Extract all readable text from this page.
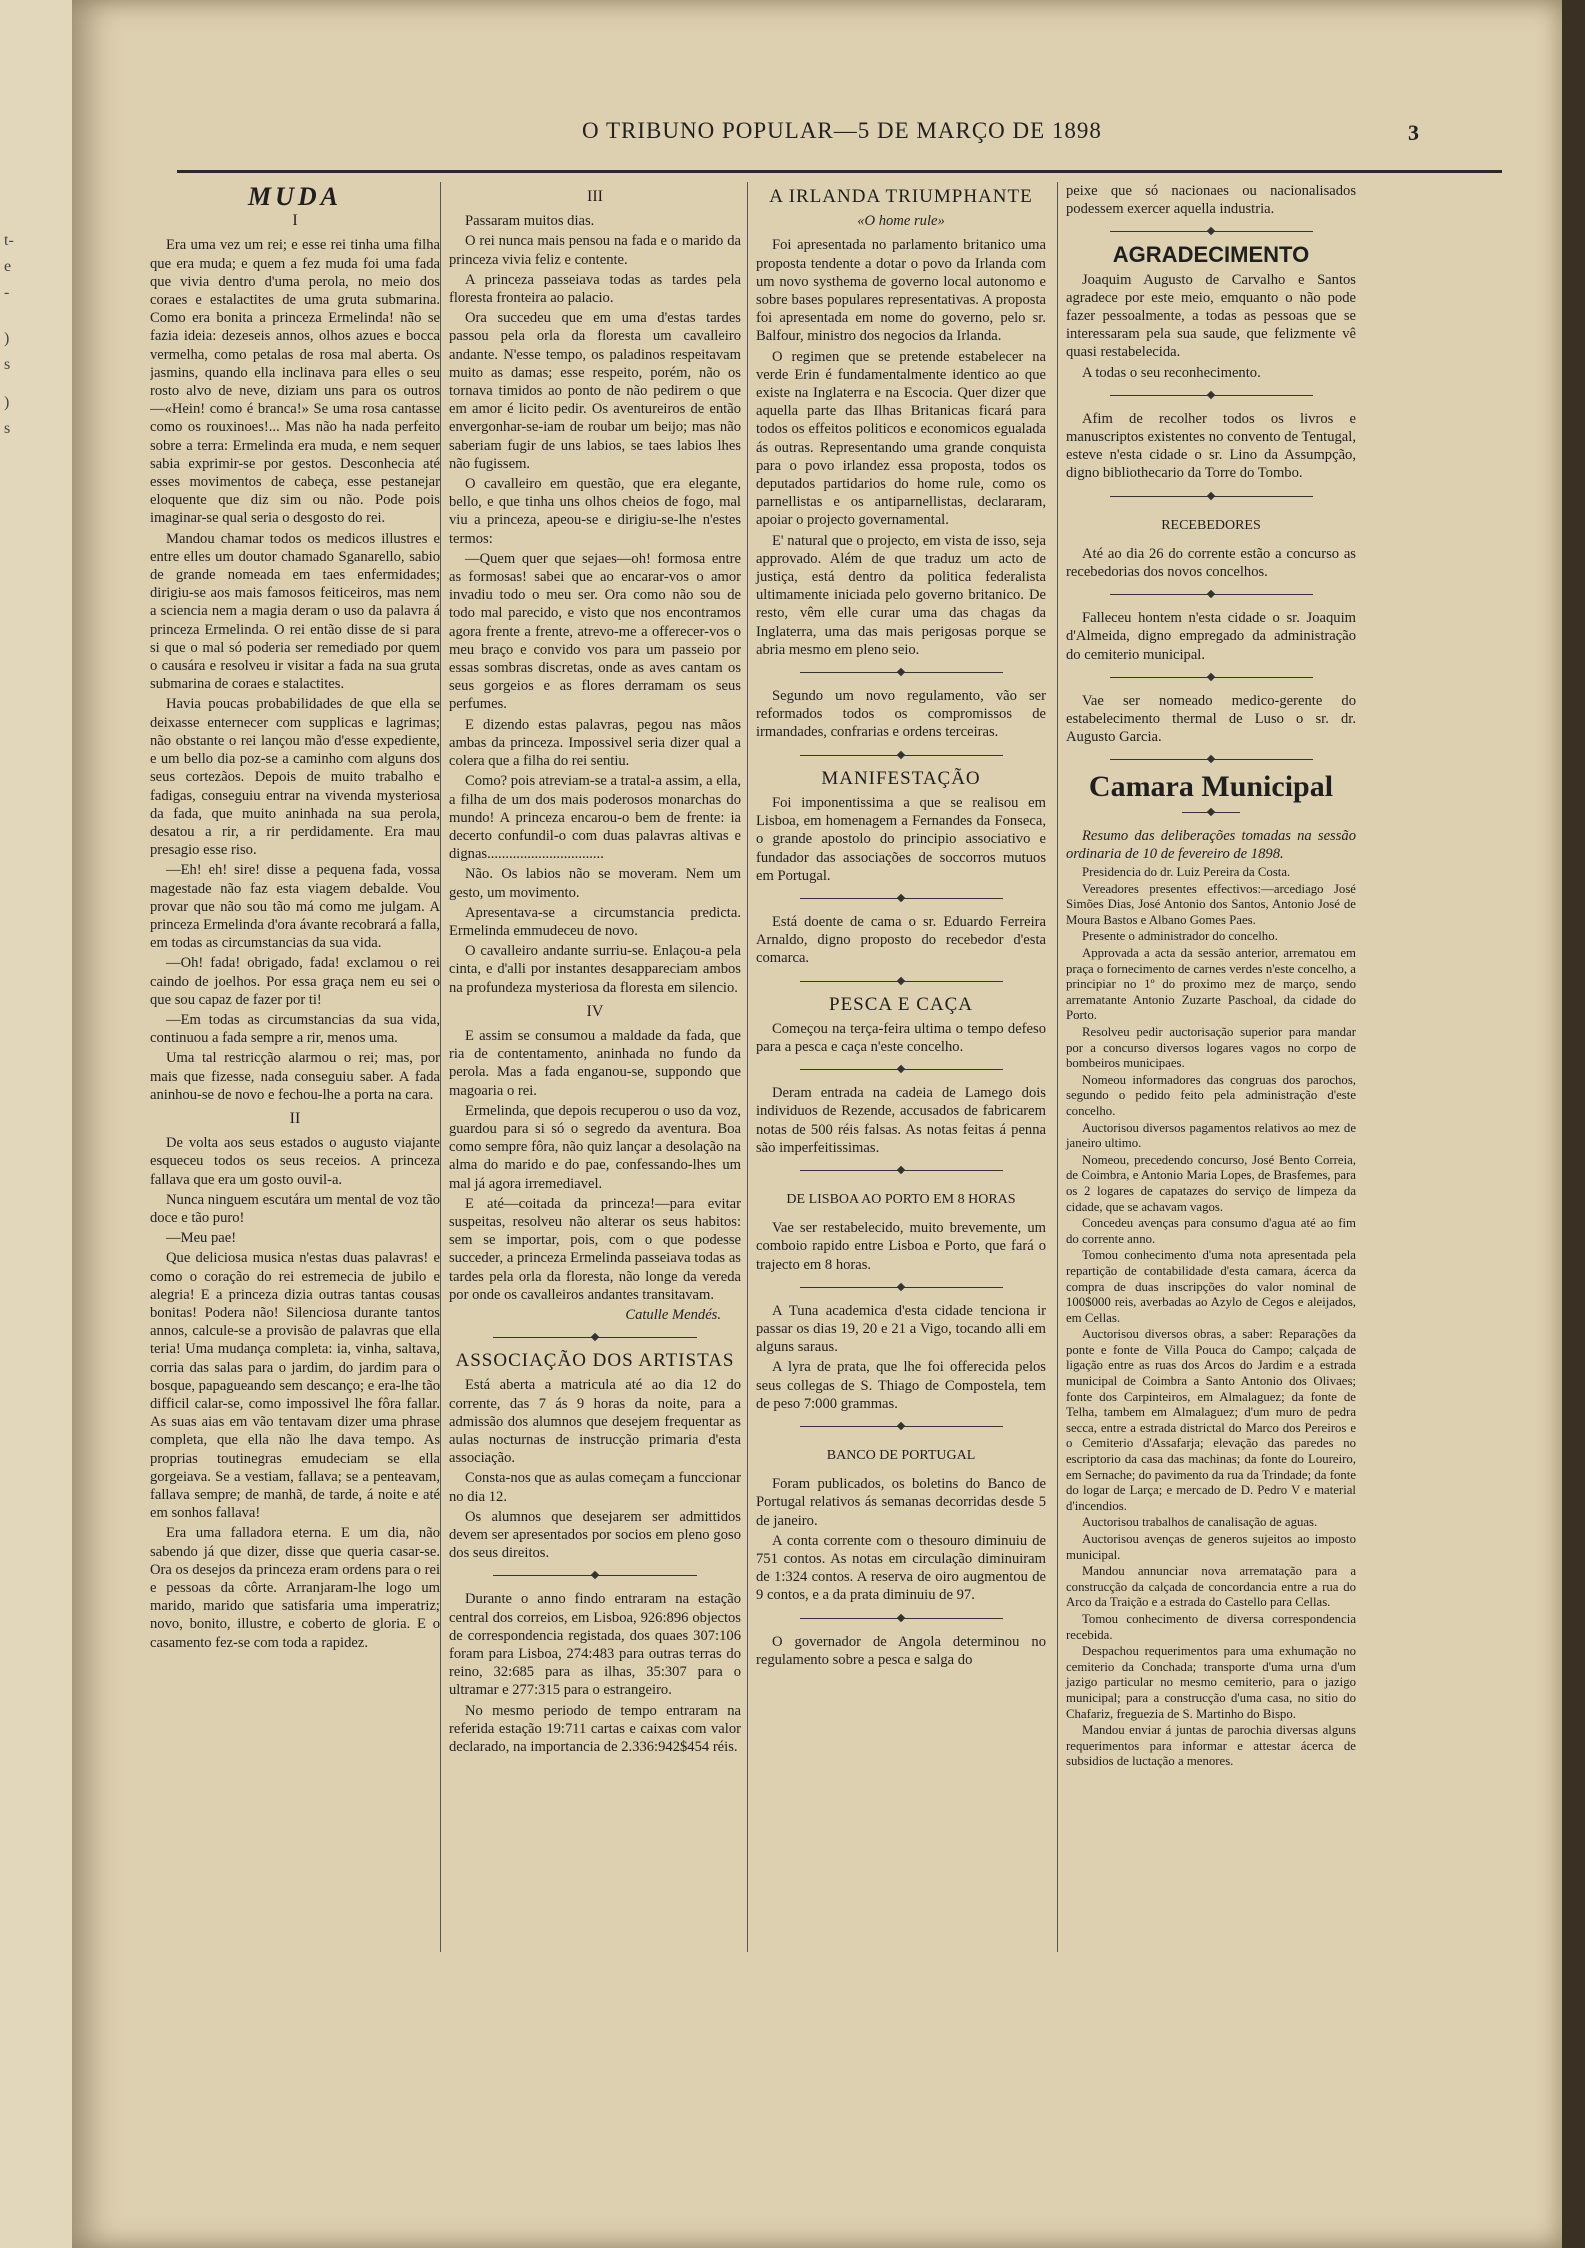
t-
e
-
)
s
)
s
O TRIBUNO POPULAR—5 DE MARÇO DE 1898	3

MUDA

I

Era uma vez um rei; e esse rei tinha uma filha que era muda; e quem a fez muda foi uma fada que vivia dentro d'uma perola, no meio dos coraes e estalactites de uma gruta submarina. Como era bonita a princeza Ermelinda! não se fazia ideia: dezeseis annos, olhos azues e bocca vermelha, como petalas de rosa mal aberta. Os jasmins, quando ella inclinava para elles o seu rosto alvo de neve, diziam uns para os outros—«Hein! como é branca!» Se uma rosa cantasse como os rouxinoes!... Mas não ha nada perfeito sobre a terra: Ermelinda era muda, e nem sequer sabia exprimir-se por gestos. Desconhecia até esses movimentos de cabeça, esse pestanejar eloquente que diz sim ou não. Pode pois imaginar-se qual seria o desgosto do rei.

Mandou chamar todos os medicos illustres e entre elles um doutor chamado Sganarello, sabio de grande nomeada em taes enfermidades; dirigiu-se aos mais famosos feiticeiros, mas nem a sciencia nem a magia deram o uso da palavra á princeza Ermelinda. O rei então disse de si para si que o mal só poderia ser remediado por quem o causára e resolveu ir visitar a fada na sua gruta submarina de coraes e stalactites.

Havia poucas probabilidades de que ella se deixasse enternecer com supplicas e lagrimas; não obstante o rei lançou mão d'esse expediente, e um bello dia poz-se a caminho com alguns dos seus cortezãos. Depois de muito trabalho e fadigas, conseguiu entrar na vivenda mysteriosa da fada, que muito aninhada na sua perola, desatou a rir, a rir perdidamente. Era mau presagio esse riso.

—Eh! eh! sire! disse a pequena fada, vossa magestade não faz esta viagem debalde. Vou provar que não sou tão má como me julgam. A princeza Ermelinda d'ora ávante recobrará a falla, em todas as circumstancias da sua vida.

—Oh! fada! obrigado, fada! exclamou o rei caindo de joelhos. Por essa graça nem eu sei o que sou capaz de fazer por ti!

—Em todas as circumstancias da sua vida, continuou a fada sempre a rir, menos uma.

Uma tal restricção alarmou o rei; mas, por mais que fizesse, nada conseguiu saber. A fada aninhou-se de novo e fechou-lhe a porta na cara.

II

De volta aos seus estados o augusto viajante esqueceu todos os seus receios. A princeza fallava que era um gosto ouvil-a.

Nunca ninguem escutára um mental de voz tão doce e tão puro!

—Meu pae!

Que deliciosa musica n'estas duas palavras! e como o coração do rei estremecia de jubilo e alegria! E a princeza dizia outras tantas cousas bonitas! Podera não! Silenciosa durante tantos annos, calcule-se a provisão de palavras que ella teria! Uma mudança completa: ia, vinha, saltava, corria das salas para o jardim, do jardim para o bosque, papagueando sem descanço; e era-lhe tão difficil calar-se, como impossivel lhe fôra fallar. As suas aias em vão tentavam dizer uma phrase completa, que ella não lhe dava tempo. As proprias toutinegras emudeciam se ella gorgeiava. Se a vestiam, fallava; se a penteavam, fallava sempre; de manhã, de tarde, á noite e até em sonhos fallava!

Era uma falladora eterna. E um dia, não sabendo já que dizer, disse que queria casar-se. Ora os desejos da princeza eram ordens para o rei e pessoas da côrte. Arranjaram-lhe logo um marido, marido que satisfaria uma imperatriz; novo, bonito, illustre, e coberto de gloria. E o casamento fez-se com toda a rapidez.

III

Passaram muitos dias.

O rei nunca mais pensou na fada e o marido da princeza vivia feliz e contente.

A princeza passeiava todas as tardes pela floresta fronteira ao palacio.

Ora succedeu que em uma d'estas tardes passou pela orla da floresta um cavalleiro andante. N'esse tempo, os paladinos respeitavam muito as damas; esse respeito, porém, não os tornava timidos ao ponto de não pedirem o que em amor é licito pedir. Os aventureiros de então envergonhar-se-iam de roubar um beijo; mas não saberiam fugir de uns labios, se taes labios lhes não fugissem.

O cavalleiro em questão, que era elegante, bello, e que tinha uns olhos cheios de fogo, mal viu a princeza, apeou-se e dirigiu-se-lhe n'estes termos:

—Quem quer que sejaes—oh! formosa entre as formosas! sabei que ao encarar-vos o amor invadiu todo o meu ser. Ora como não sou de todo mal parecido, e visto que nos encontramos agora frente a frente, atrevo-me a offerecer-vos o meu braço e convido vos para um passeio por essas sombras discretas, onde as aves cantam os seus gorgeios e as flores derramam os seus perfumes.

E dizendo estas palavras, pegou nas mãos ambas da princeza. Impossivel seria dizer qual a colera que a filha do rei sentiu.

Como? pois atreviam-se a tratal-a assim, a ella, a filha de um dos mais poderosos monarchas do mundo! A princeza encarou-o bem de frente: ia decerto confundil-o com duas palavras altivas e dignas................................

Não. Os labios não se moveram. Nem um gesto, um movimento.

Apresentava-se a circumstancia predicta. Ermelinda emmudeceu de novo.

O cavalleiro andante surriu-se. Enlaçou-a pela cinta, e d'alli por instantes desappareciam ambos na profundeza mysteriosa da floresta em silencio.

IV

E assim se consumou a maldade da fada, que ria de contentamento, aninhada no fundo da perola. Mas a fada enganou-se, suppondo que magoaria o rei.

Ermelinda, que depois recuperou o uso da voz, guardou para si só o segredo da aventura. Boa como sempre fôra, não quiz lançar a desolação na alma do marido e do pae, confessando-lhes um mal já agora irremediavel.

E até—coitada da princeza!—para evitar suspeitas, resolveu não alterar os seus habitos: sem se importar, pois, com o que podesse succeder, a princeza Ermelinda passeiava todas as tardes pela orla da floresta, não longe da vereda por onde os cavalleiros andantes transitavam.

Catulle Mendés.

ASSOCIAÇÃO DOS ARTISTAS

Está aberta a matricula até ao dia 12 do corrente, das 7 ás 9 horas da noite, para a admissão dos alumnos que desejem frequentar as aulas nocturnas de instrucção primaria d'esta associação.

Consta-nos que as aulas começam a funccionar no dia 12.

Os alumnos que desejarem ser admittidos devem ser apresentados por socios em pleno goso dos seus direitos.

Durante o anno findo entraram na estação central dos correios, em Lisboa, 926:896 objectos de correspondencia registada, dos quaes 307:106 foram para Lisboa, 274:483 para outras terras do reino, 32:685 para as ilhas, 35:307 para o ultramar e 277:315 para o estrangeiro.

No mesmo periodo de tempo entraram na referida estação 19:711 cartas e caixas com valor declarado, na importancia de 2.336:942$454 réis.

A IRLANDA TRIUMPHANTE

«O home rule»

Foi apresentada no parlamento britanico uma proposta tendente a dotar o povo da Irlanda com um novo systhema de governo local autonomo e sobre bases populares representativas. A proposta foi apresentada em nome do governo, pelo sr. Balfour, ministro dos negocios da Irlanda.

O regimen que se pretende estabelecer na verde Erin é fundamentalmente identico ao que existe na Inglaterra e na Escocia. Quer dizer que aquella parte das Ilhas Britanicas ficará para todos os effeitos politicos e economicos egualada ás outras. Representando uma grande conquista para o povo irlandez essa proposta, todos os deputados partidarios do home rule, como os parnellistas e os antiparnellistas, declararam, apoiar o projecto governamental.

E' natural que o projecto, em vista de isso, seja approvado. Além de que traduz um acto de justiça, está dentro da politica federalista ultimamente iniciada pelo governo britanico. De resto, vêm elle curar uma das chagas da Inglaterra, uma das mais perigosas porque se abria mesmo em pleno seio.

Segundo um novo regulamento, vão ser reformados todos os compromissos de irmandades, confrarias e ordens terceiras.

MANIFESTAÇÃO

Foi imponentissima a que se realisou em Lisboa, em homenagem a Fernandes da Fonseca, o grande apostolo do principio associativo e fundador das associações de soccorros mutuos em Portugal.

Está doente de cama o sr. Eduardo Ferreira Arnaldo, digno proposto do recebedor d'esta comarca.

PESCA E CAÇA

Começou na terça-feira ultima o tempo defeso para a pesca e caça n'este concelho.

Deram entrada na cadeia de Lamego dois individuos de Rezende, accusados de fabricarem notas de 500 réis falsas. As notas feitas á penna são imperfeitissimas.

DE LISBOA AO PORTO EM 8 HORAS

Vae ser restabelecido, muito brevemente, um comboio rapido entre Lisboa e Porto, que fará o trajecto em 8 horas.

A Tuna academica d'esta cidade tenciona ir passar os dias 19, 20 e 21 a Vigo, tocando alli em alguns saraus.

A lyra de prata, que lhe foi offerecida pelos seus collegas de S. Thiago de Compostela, tem de peso 7:000 grammas.

BANCO DE PORTUGAL

Foram publicados, os boletins do Banco de Portugal relativos ás semanas decorridas desde 5 de janeiro.

A conta corrente com o thesouro diminuiu de 751 contos. As notas em circulação diminuiram de 1:324 contos. A reserva de oiro augmentou de 9 contos, e a da prata diminuiu de 97.

O governador de Angola determinou no regulamento sobre a pesca e salga do

peixe que só nacionaes ou nacionalisados podessem exercer aquella industria.

AGRADECIMENTO

Joaquim Augusto de Carvalho e Santos agradece por este meio, emquanto o não pode fazer pessoalmente, a todas as pessoas que se interessaram pela sua saude, que felizmente vê quasi restabelecida.

A todas o seu reconhecimento.

Afim de recolher todos os livros e manuscriptos existentes no convento de Tentugal, esteve n'esta cidade o sr. Lino da Assumpção, digno bibliothecario da Torre do Tombo.

RECEBEDORES

Até ao dia 26 do corrente estão a concurso as recebedorias dos novos concelhos.

Falleceu hontem n'esta cidade o sr. Joaquim d'Almeida, digno empregado da administração do cemiterio municipal.

Vae ser nomeado medico-gerente do estabelecimento thermal de Luso o sr. dr. Augusto Garcia.

Camara Municipal

Resumo das deliberações tomadas na sessão ordinaria de 10 de fevereiro de 1898.

Presidencia do dr. Luiz Pereira da Costa.

Vereadores presentes effectivos:—arcediago José Simões Dias, José Antonio dos Santos, Antonio José de Moura Bastos e Albano Gomes Paes.

Presente o administrador do concelho.

Approvada a acta da sessão anterior, arrematou em praça o fornecimento de carnes verdes n'este concelho, a principiar no 1º do proximo mez de março, sendo arrematante Antonio Zuzarte Paschoal, da cidade do Porto.

Resolveu pedir auctorisação superior para mandar por a concurso diversos logares vagos no corpo de bombeiros municipaes.

Nomeou informadores das congruas dos parochos, segundo o pedido feito pela administração d'este concelho.

Auctorisou diversos pagamentos relativos ao mez de janeiro ultimo.

Nomeou, precedendo concurso, José Bento Correia, de Coimbra, e Antonio Maria Lopes, de Brasfemes, para os 2 logares de capatazes do serviço de limpeza da cidade, que se achavam vagos.

Concedeu avenças para consumo d'agua até ao fim do corrente anno.

Tomou conhecimento d'uma nota apresentada pela repartição de contabilidade d'esta camara, ácerca da compra de duas inscripções do valor nominal de 100$000 reis, averbadas ao Azylo de Cegos e aleijados, em Cellas.

Auctorisou diversos obras, a saber: Reparações da ponte e fonte de Villa Pouca do Campo; calçada de ligação entre as ruas dos Arcos do Jardim e a estrada municipal de Coimbra a Santo Antonio dos Olivaes; fonte dos Carpinteiros, em Almalaguez; da fonte de Telha, tambem em Almalaguez; d'um muro de pedra secca, entre a estrada districtal do Marco dos Pereiros e o Cemiterio d'Assafarja; elevação das paredes no escriptorio da casa das machinas; da fonte do Loureiro, em Sernache; do pavimento da rua da Trindade; da fonte do logar de Larça; e mercado de D. Pedro V e material d'incendios.

Auctorisou trabalhos de canalisação de aguas.

Auctorisou avenças de generos sujeitos ao imposto municipal.

Mandou annunciar nova arrematação para a construcção da calçada de concordancia entre a rua do Arco da Traição e a estrada do Castello para Cellas.

Tomou conhecimento de diversa correspondencia recebida.

Despachou requerimentos para uma exhumação no cemiterio da Conchada; transporte d'uma urna d'um jazigo particular no mesmo cemiterio, para o jazigo municipal; para a construcção d'uma casa, no sitio do Chafariz, freguezia de S. Martinho do Bispo.

Mandou enviar á juntas de parochia diversas alguns requerimentos para informar e attestar ácerca de subsidios de luctação a menores.
